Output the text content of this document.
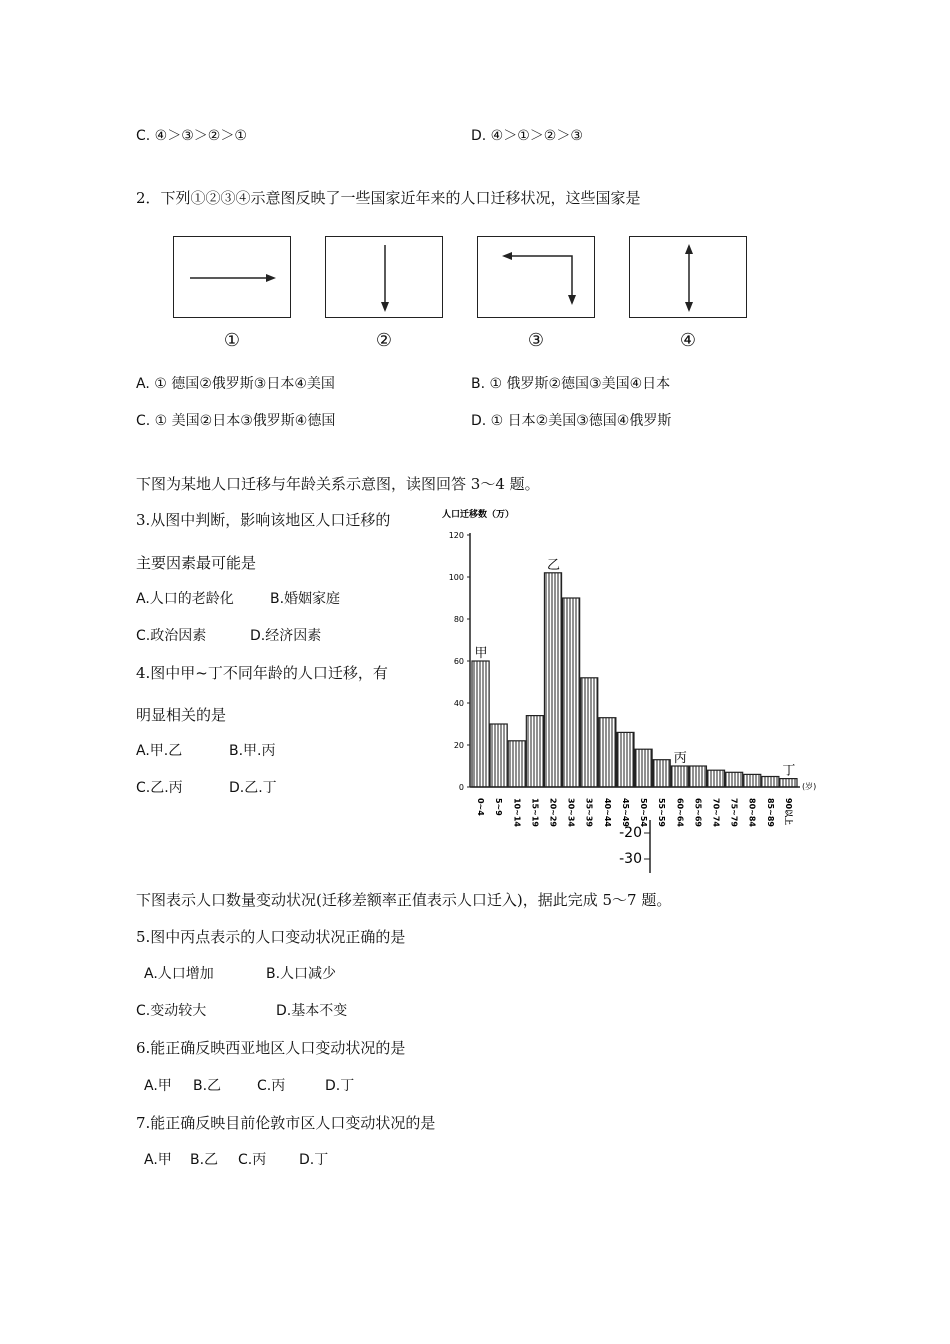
C. ④＞③＞②＞①	D. ④＞①＞②＞③
2．下列①②③④示意图反映了一些国家近年来的人口迁移状况，这些国家是
①	②	③	④
A. ① 德国②俄罗斯③日本④美国	B. ① 俄罗斯②德国③美国④日本
C. ① 美国②日本③俄罗斯④德国	D. ① 日本②美国③德国④俄罗斯
下图为某地人口迁移与年龄关系示意图，读图回答 3～4 题。
3.从图中判断，影响该地区人口迁移的
主要因素最可能是
A.人口的老龄化	B.婚姻家庭
C.政治因素	D.经济因素
4.图中甲~丁不同年龄的人口迁移，有
明显相关的是
A.甲.乙	B.甲.丙
C.乙.丙	D.乙.丁
人口迁移数（万）
0
20
40
60
80
100
120
0~4 5~9 10~14 15~19 20~29 30~34 35~39 40~44 45~49 50~54 55~59 60~64 65~69 70~74 75~79 80~84 85~89 90以上
甲
乙
丙
丁
(岁)
-20
-30
下图表示人口数量变动状况(迁移差额率正值表示人口迁入)，据此完成 5～7 题。
5.图中丙点表示的人口变动状况正确的是
A.人口增加	B.人口减少
C.变动较大	D.基本不变
6.能正确反映西亚地区人口变动状况的是
A.甲 B.乙	C.丙	D.丁
7.能正确反映目前伦敦市区人口变动状况的是
A.甲 B.乙 C.丙 D.丁
